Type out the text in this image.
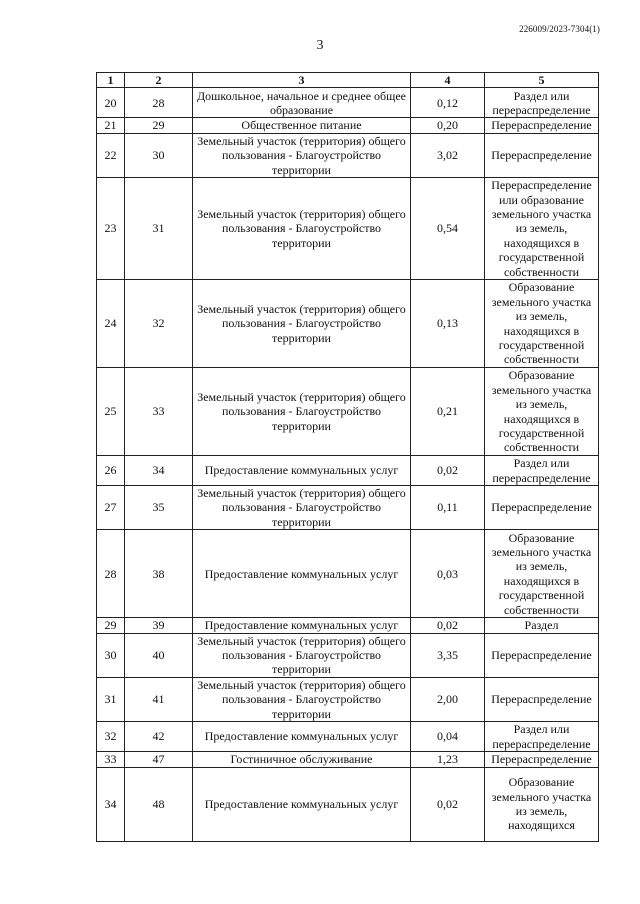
226009/2023-7304(1)
3
1	2	3	4	5
20	28	Дошкольное, начальное и среднее общее образование	0,12	Раздел или перераспределение
21	29	Общественное питание	0,20	Перераспределение
22	30	Земельный участок (территория) общего пользования - Благоустройство территории	3,02	Перераспределение
23	31	Земельный участок (территория) общего пользования - Благоустройство территории	0,54	Перераспределение или образование земельного участка из земель, находящихся в государственной собственности
24	32	Земельный участок (территория) общего пользования - Благоустройство территории	0,13	Образование земельного участка из земель, находящихся в государственной собственности
25	33	Земельный участок (территория) общего пользования - Благоустройство территории	0,21	Образование земельного участка из земель, находящихся в государственной собственности
26	34	Предоставление коммунальных услуг	0,02	Раздел или перераспределение
27	35	Земельный участок (территория) общего пользования - Благоустройство территории	0,11	Перераспределение
28	38	Предоставление коммунальных услуг	0,03	Образование земельного участка из земель, находящихся в государственной собственности
29	39	Предоставление коммунальных услуг	0,02	Раздел
30	40	Земельный участок (территория) общего пользования - Благоустройство территории	3,35	Перераспределение
31	41	Земельный участок (территория) общего пользования - Благоустройство территории	2,00	Перераспределение
32	42	Предоставление коммунальных услуг	0,04	Раздел или перераспределение
33	47	Гостиничное обслуживание	1,23	Перераспределение
34	48	Предоставление коммунальных услуг	0,02	Образование земельного участка из земель, находящихся
